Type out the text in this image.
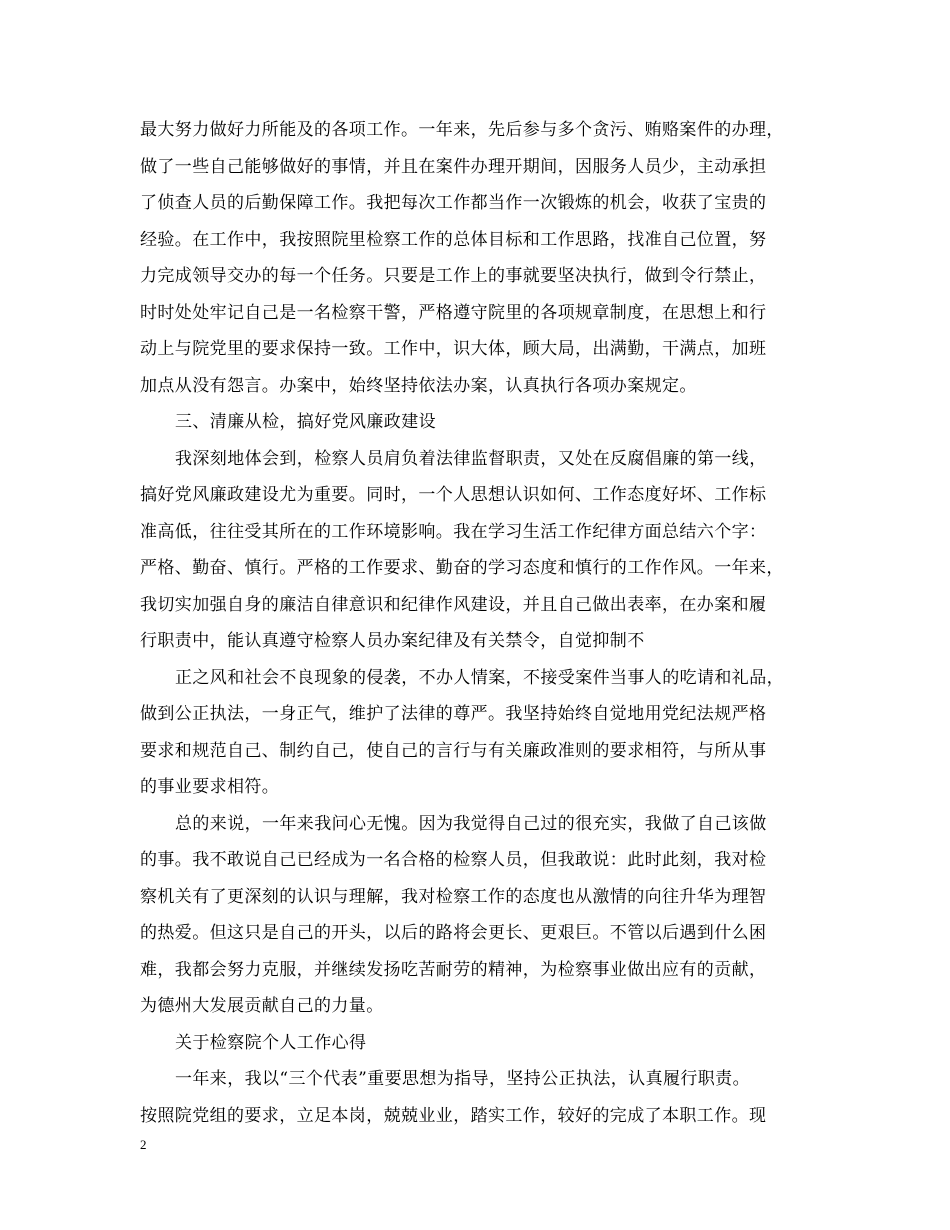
最大努力做好力所能及的各项工作。一年来，先后参与多个贪污、贿赂案件的办理，
做了一些自己能够做好的事情，并且在案件办理开期间，因服务人员少，主动承担
了侦查人员的后勤保障工作。我把每次工作都当作一次锻炼的机会，收获了宝贵的
经验。在工作中，我按照院里检察工作的总体目标和工作思路，找准自己位置，努
力完成领导交办的每一个任务。只要是工作上的事就要坚决执行，做到令行禁止，
时时处处牢记自己是一名检察干警，严格遵守院里的各项规章制度，在思想上和行
动上与院党里的要求保持一致。工作中，识大体，顾大局，出满勤，干满点，加班
加点从没有怨言。办案中，始终坚持依法办案，认真执行各项办案规定。
三、清廉从检，搞好党风廉政建设
我深刻地体会到，检察人员肩负着法律监督职责，又处在反腐倡廉的第一线，
搞好党风廉政建设尤为重要。同时，一个人思想认识如何、工作态度好坏、工作标
准高低，往往受其所在的工作环境影响。我在学习生活工作纪律方面总结六个字：
严格、勤奋、慎行。严格的工作要求、勤奋的学习态度和慎行的工作作风。一年来，
我切实加强自身的廉洁自律意识和纪律作风建设，并且自己做出表率，在办案和履
行职责中，能认真遵守检察人员办案纪律及有关禁令，自觉抑制不
正之风和社会不良现象的侵袭，不办人情案，不接受案件当事人的吃请和礼品，
做到公正执法，一身正气，维护了法律的尊严。我坚持始终自觉地用党纪法规严格
要求和规范自己、制约自己，使自己的言行与有关廉政准则的要求相符，与所从事
的事业要求相符。
总的来说，一年来我问心无愧。因为我觉得自己过的很充实，我做了自己该做
的事。我不敢说自己已经成为一名合格的检察人员，但我敢说：此时此刻，我对检
察机关有了更深刻的认识与理解，我对检察工作的态度也从激情的向往升华为理智
的热爱。但这只是自己的开头，以后的路将会更长、更艰巨。不管以后遇到什么困
难，我都会努力克服，并继续发扬吃苦耐劳的精神，为检察事业做出应有的贡献，
为德州大发展贡献自己的力量。
关于检察院个人工作心得
一年来，我以“三个代表”重要思想为指导，坚持公正执法，认真履行职责。
按照院党组的要求，立足本岗，兢兢业业，踏实工作，较好的完成了本职工作。现
2
